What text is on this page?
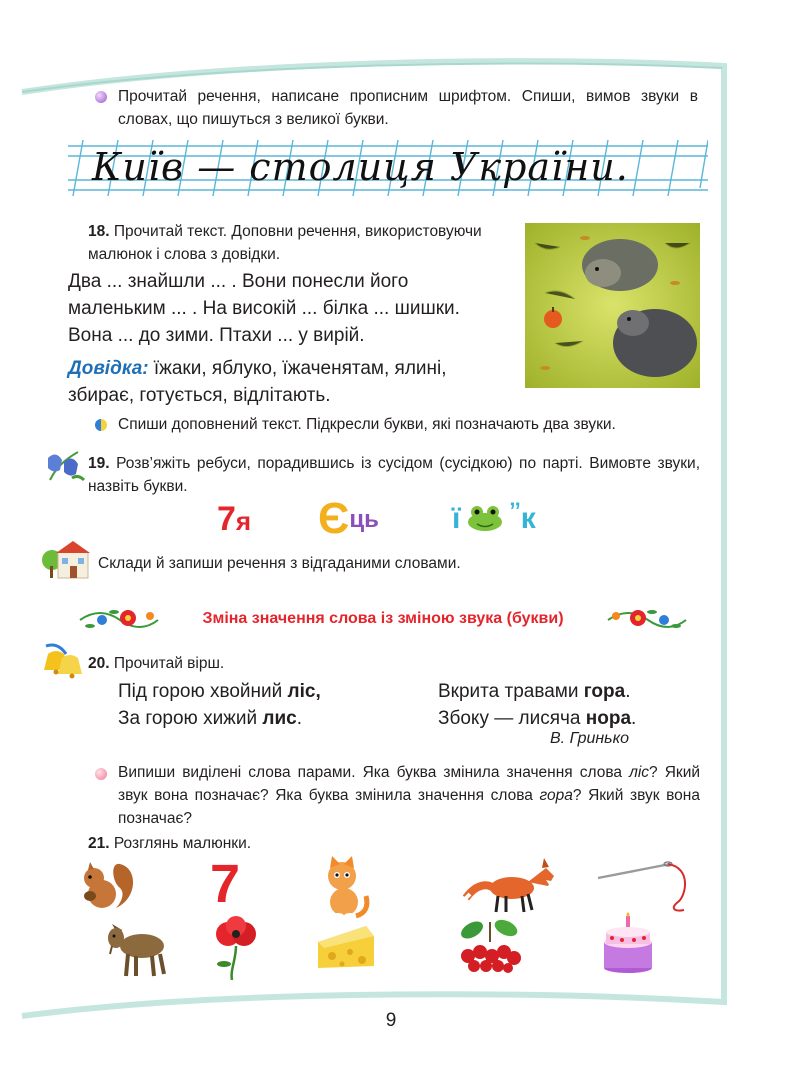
Прочитай речення, написане прописним шрифтом. Спиши, вимов звуки в словах, що пишуться з великої букви.
Київ — столиця України.
18. Прочитай текст. Доповни речення, використовуючи малюнок і слова з довідки.
Два ... знайшли ... . Вони понесли його
маленьким ... . На високій ... білка ... шишки.
Вона ... до зими. Птахи ... у вирій.
Довідка: їжаки, яблуко, їжаченятам, ялині,
збирає, готується, відлітають.
Спиши доповнений текст. Підкресли букви, які позначають два звуки.
19. Розв’яжіть ребуси, порадившись із сусідом (сусідкою) по парті. Вимовте звуки, назвіть букви.
7я Єць ї ’’к
Склади й запиши речення з відгаданими словами.
Зміна значення слова із зміною звука (букви)
20. Прочитай вірш.
Під горою хвойний ліс,
За горою хижий лис.
Вкрита травами гора.
Збоку — лисяча нора.
В. Гринько
Випиши виділені слова парами. Яка буква змінила значення слова ліс? Який звук вона позначає? Яка буква змінила значення слова гора? Який звук вона позначає?
21. Розглянь малюнки.
7
9
